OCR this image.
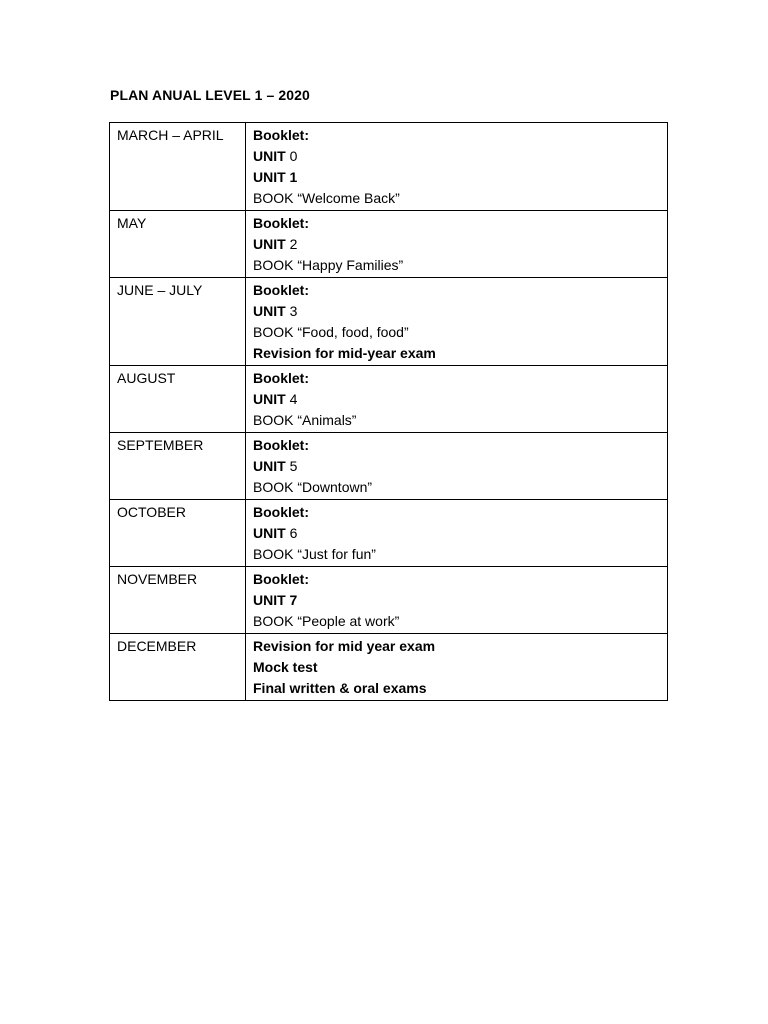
PLAN ANUAL LEVEL 1 – 2020
MARCH – APRIL	Booklet:
UNIT 0
UNIT 1
BOOK “Welcome Back”

MAY	Booklet:
UNIT 2
BOOK “Happy Families”

JUNE – JULY	Booklet:
UNIT 3
BOOK “Food, food, food”
Revision for mid-year exam

AUGUST	Booklet:
UNIT 4
BOOK “Animals”

SEPTEMBER	Booklet:
UNIT 5
BOOK “Downtown”

OCTOBER	Booklet:
UNIT 6
BOOK “Just for fun”

NOVEMBER	Booklet:
UNIT 7
BOOK “People at work”

DECEMBER	Revision for mid year exam
Mock test
Final written & oral exams
